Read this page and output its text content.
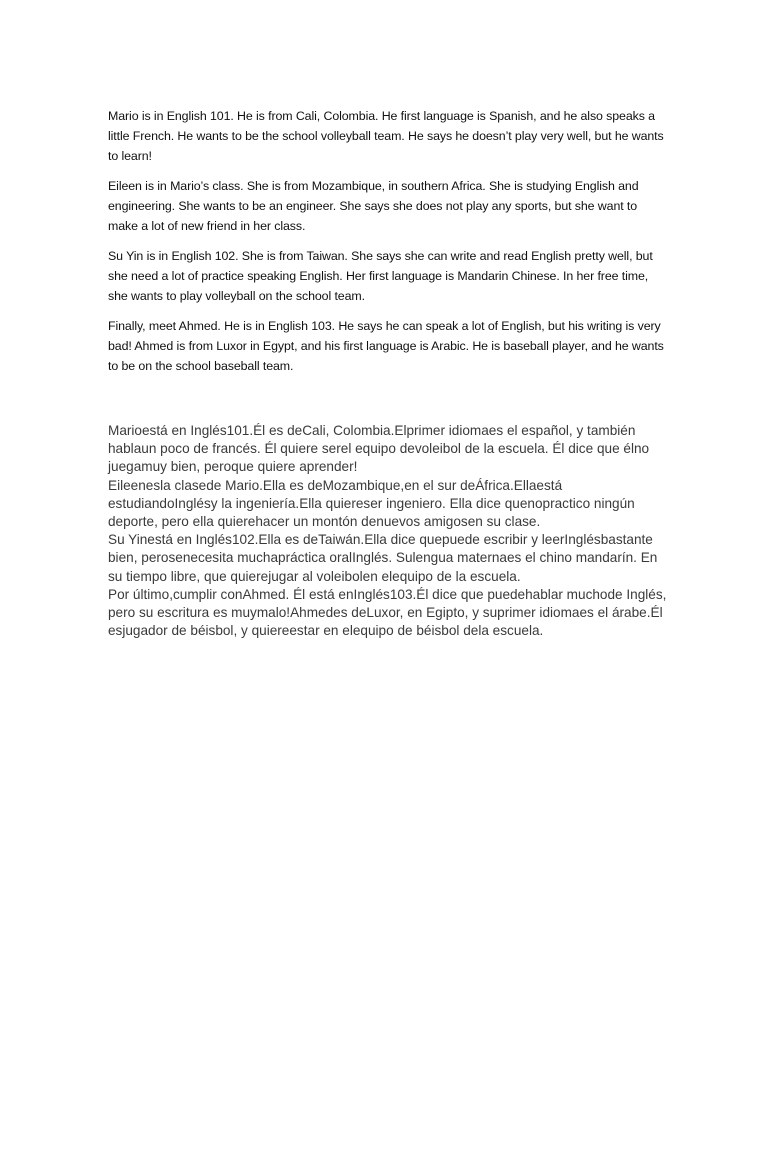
Mario is in English 101. He is from Cali, Colombia. He first language is Spanish, and he also speaks a little French. He wants to be the school volleyball team. He says he doesn’t play very well, but he wants to learn!

Eileen is in Mario’s class. She is from Mozambique, in southern Africa. She is studying English and engineering. She wants to be an engineer. She says she does not play any sports, but she want to make a lot of new friend in her class.

Su Yin is in English 102. She is from Taiwan. She says she can write and read English pretty well, but she need a lot of practice speaking English. Her first language is Mandarin Chinese. In her free time, she wants to play volleyball on the school team.

Finally, meet Ahmed. He is in English 103. He says he can speak a lot of English, but his writing is very bad! Ahmed is from Luxor in Egypt, and his first language is Arabic. He is baseball player, and he wants to be on the school baseball team.

Marioestá en Inglés101.Él es deCali, Colombia.Elprimer idiomaes el español, y también hablaun poco de francés. Él quiere serel equipo devoleibol de la escuela. Él dice que élno juegamuy bien, peroque quiere aprender!

Eileenesla clasede Mario.Ella es deMozambique,en el sur deÁfrica.Ellaestá estudiandoInglésy la ingeniería.Ella quiereser ingeniero. Ella dice quenopractico ningún deporte, pero ella quierehacer un montón denuevos amigosen su clase.

Su Yinestá en Inglés102.Ella es deTaiwán.Ella dice quepuede escribir y leerInglésbastante bien, perosenecesita muchapráctica oralInglés. Sulengua maternaes el chino mandarín. En su tiempo libre, que quierejugar al voleibolen elequipo de la escuela.

Por último,cumplir conAhmed. Él está enInglés103.Él dice que puedehablar muchode Inglés, pero su escritura es muymalo!Ahmedes deLuxor, en Egipto, y suprimer idiomaes el árabe.Él esjugador de béisbol, y quiereestar en elequipo de béisbol dela escuela.
